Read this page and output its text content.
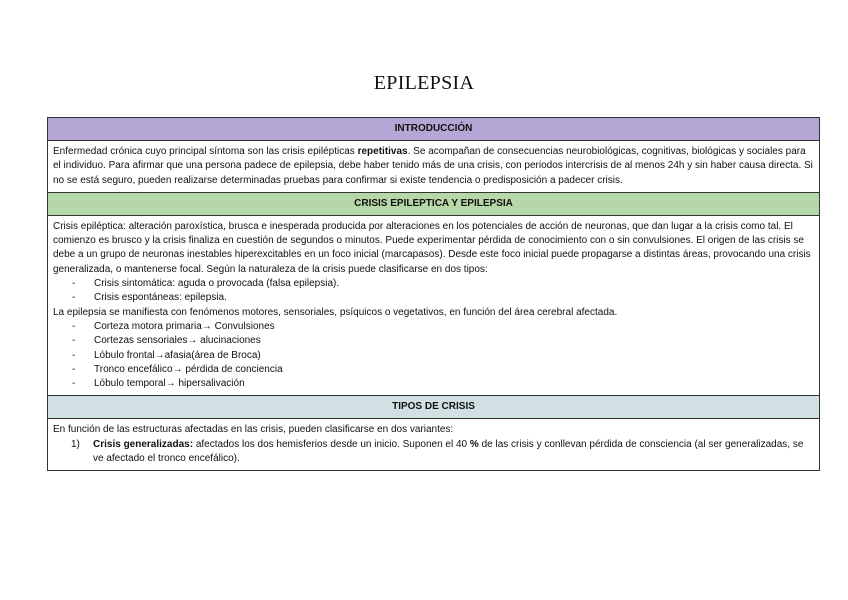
EPILEPSIA
INTRODUCCIÓN

Enfermedad crónica cuyo principal síntoma son las crisis epilépticas repetitivas. Se acompañan de consecuencias neurobiológicas, cognitivas, biológicas y sociales para el individuo. Para afirmar que una persona padece de epilepsia, debe haber tenido más de una crisis, con periodos intercrisis de al menos 24h y sin haber causa directa. Si no se está seguro, pueden realizarse determinadas pruebas para confirmar si existe tendencia o predisposición a padecer crisis.

CRISIS EPILEPTICA Y EPILEPSIA

Crisis epiléptica: alteración paroxística, brusca e inesperada producida por alteraciones en los potenciales de acción de neuronas, que dan lugar a la crisis como tal. El comienzo es brusco y la crisis finaliza en cuestión de segundos o minutos. Puede experimentar pérdida de conocimiento con o sin convulsiones. El origen de las crisis se debe a un grupo de neuronas inestables hiperexcitables en un foco inicial (marcapasos). Desde este foco inicial puede propagarse a distintas áreas, provocando una crisis generalizada, o mantenerse focal. Según la naturaleza de la crisis puede clasificarse en dos tipos:

- Crisis sintomática: aguda o provocada (falsa epilepsia).
- Crisis espontáneas: epilepsia.

La epilepsia se manifiesta con fenómenos motores, sensoriales, psíquicos o vegetativos, en función del área cerebral afectada.

- Corteza motora primaria→ Convulsiones
- Cortezas sensoriales→ alucinaciones
- Lóbulo frontal→afasia(área de Broca)
- Tronco encefálico→ pérdida de conciencia
- Lóbulo temporal→ hipersalivación
TIPOS DE CRISIS

En función de las estructuras afectadas en las crisis, pueden clasificarse en dos variantes:

1) Crisis generalizadas: afectados los dos hemisferios desde un inicio. Suponen el 40 % de las crisis y conllevan pérdida de consciencia (al ser generalizadas, se ve afectado el tronco encefálico).
